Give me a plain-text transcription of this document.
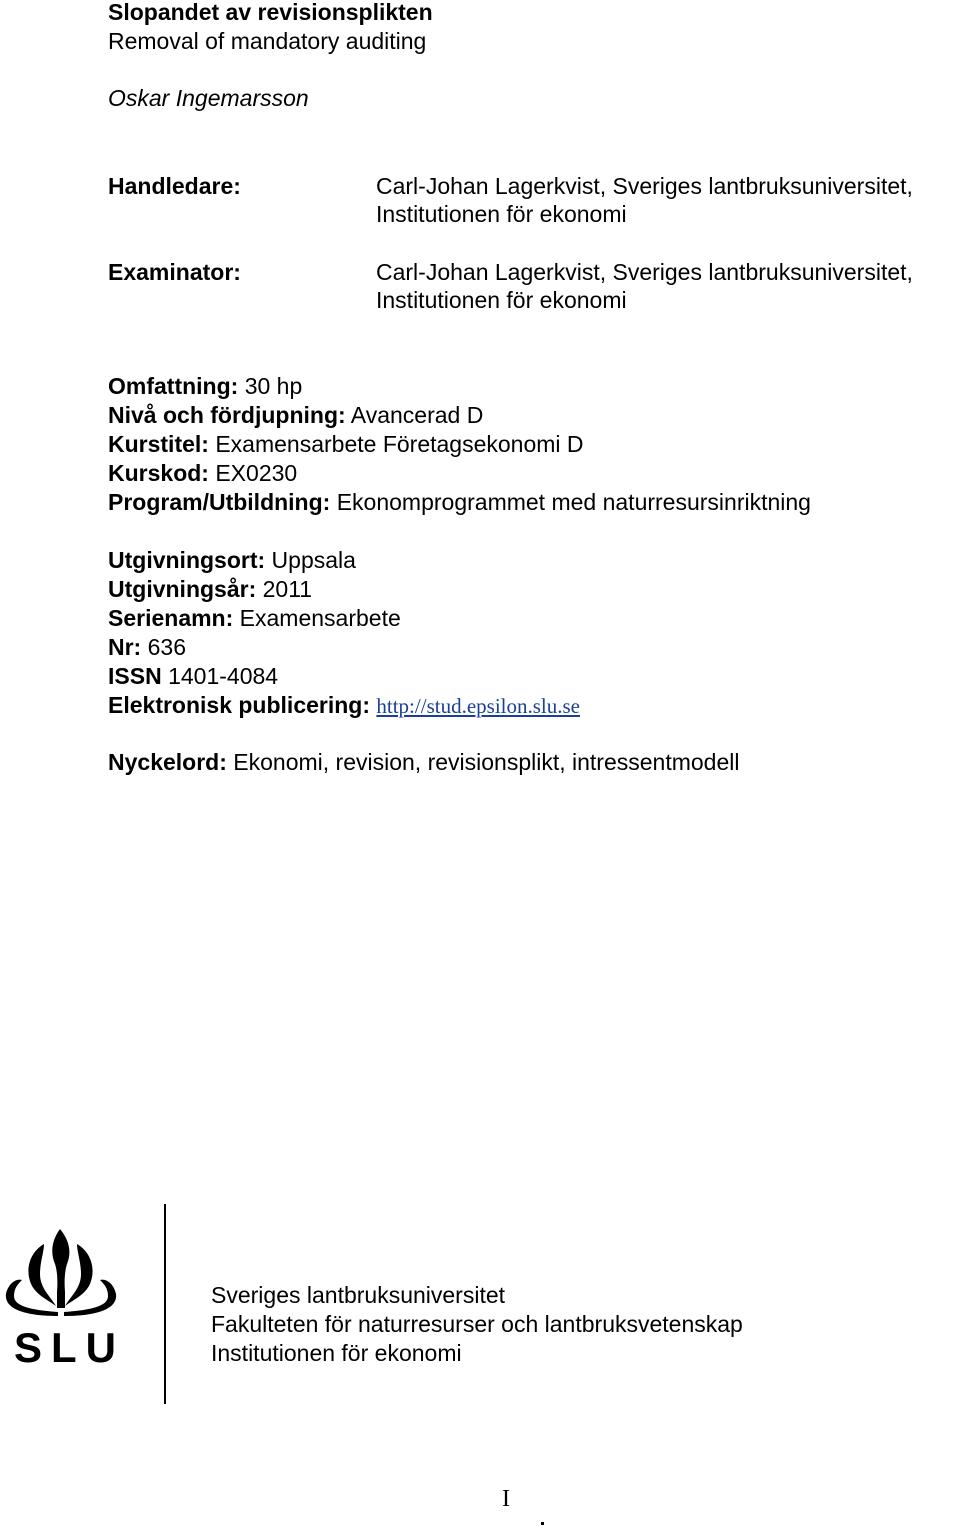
Slopandet av revisionsplikten
Removal of mandatory auditing
Oskar Ingemarsson
Handledare:	Carl-Johan Lagerkvist, Sveriges lantbruksuniversitet,
Institutionen för ekonomi
Examinator:	Carl-Johan Lagerkvist, Sveriges lantbruksuniversitet,
Institutionen för ekonomi
Omfattning: 30 hp
Nivå och fördjupning: Avancerad D
Kurstitel: Examensarbete Företagsekonomi D
Kurskod: EX0230
Program/Utbildning: Ekonomprogrammet med naturresursinriktning
Utgivningsort: Uppsala
Utgivningsår: 2011
Serienamn: Examensarbete
Nr: 636
ISSN 1401-4084
Elektronisk publicering: http://stud.epsilon.slu.se
Nyckelord: Ekonomi, revision, revisionsplikt, intressentmodell
SLU
Sveriges lantbruksuniversitet
Fakulteten för naturresurser och lantbruksvetenskap
Institutionen för ekonomi
I
